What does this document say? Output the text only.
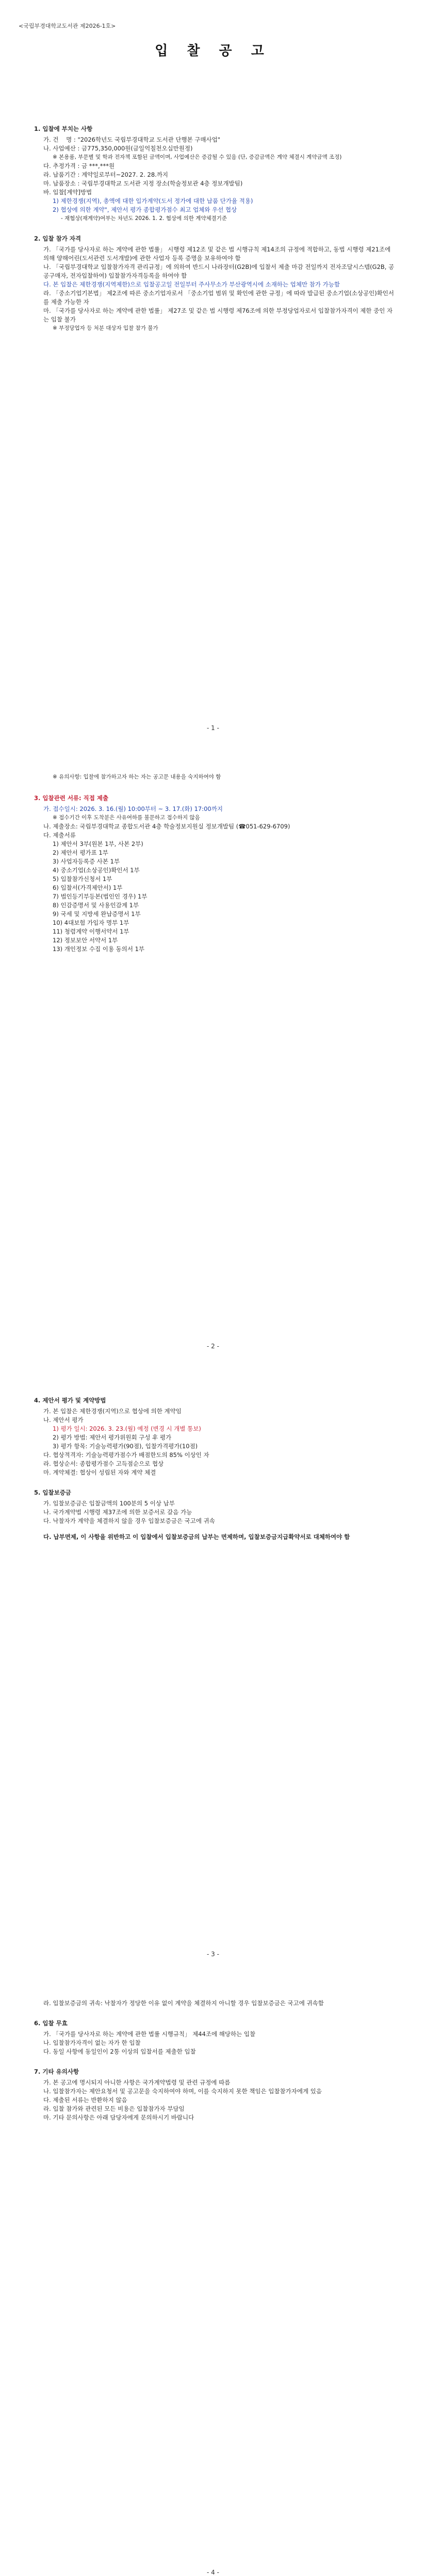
<국립부경대학교도서관 제2026-1호>
입 찰 공 고
1. 입찰에 부치는 사항
가. 건    명 : "2026학년도 국립부경대학교 도서관 단행본 구매사업"
나. 사업예산 : 금775,350,000원(금일억칠천오십만원정)
※ 본용품, 부문별 및 학과 전자책 포함된 금액이며, 사업예산은 증감될 수 있음 (단, 증감금액은 계약 체결시 계약금액 조정)
다. 추정가격 : 금 ***,***원
라. 납품기간 : 계약일로부터~2027. 2. 28.까지
마. 납품장소 : 국립부경대학교 도서관 지정 장소(학술정보관 4층 정보개발팀)
바. 입찰[계약]방법
1) 제한경쟁(지역), 총액에 대한 입가계약(도서 정가에 대한 납품 단가율 적용)
2) 협상에 의한 계약", 제안서 평가 종합평가점수 최고 업체와 우선 협상
- 재협상(재계약)여부는 차년도 2026. 1. 2. 협상에 의한 계약체결기준
2. 입찰 참가 자격
가. 「국가를 당사자로 하는 계약에 관한 법률」 시행령 제12조 및 같은 법 시행규칙 제14조의 규정에 적합하고, 동법 시행령 제21조에 의해 양해어린(도서관련 도서개발)에 관한 사업자 등록 증명을 보유하여야 함
나. 「국립부경대학교 입찰참가자격 관리규정」에 의하여 반드시 나라장터(G2B)에 입찰서 제출 마감 전일까지 전자조달시스템(G2B, 공공구매자, 전자입찰하여) 입찰참가자격등록을 하여야 함
다. 본 입찰은 제한경쟁(지역제한)으로 입찰공고일 전일부터 주사무소가 부산광역시에 소재하는 업체만 참가 가능함
라. 「중소기업기본법」 제2조에 따른 중소기업자로서 「중소기업 범위 및 확인에 관한 규정」에 따라 발급된 중소기업(소상공인)확인서를 제출 가능한 자
마. 「국가를 당사자로 하는 계약에 관한 법률」 제27조 및 같은 법 시행령 제76조에 의한 부정당업자로서 입찰참가자격이 제한 중인 자는 입찰 불가
※ 부정당업자 등 처분 대상자 입찰 참가 불가
- 1 -
※ 유의사항: 입찰에 참가하고자 하는 자는 공고문 내용을 숙지하여야 함
3. 입찰관련 서류: 직접 제출
가. 접수일시: 2026. 3. 16.(월) 10:00부터 ~ 3. 17.(화) 17:00까지
※ 접수기간 이후 도착분은 사유여하를 불문하고 접수하지 않음
나. 제출장소: 국립부경대학교 종합도서관 4층 학술정보지원실 정보개발팀 (☎051-629-6709)
다. 제출서류
1) 제안서 3부(원본 1부, 사본 2부)
2) 제안서 평가표 1부
3) 사업자등록증 사본 1부
4) 중소기업(소상공인)확인서 1부
5) 입찰참가신청서 1부
6) 입찰서(가격제안서) 1부
7) 법인등기부등본(법인인 경우) 1부
8) 인감증명서 및 사용인감계 1부
9) 국세 및 지방세 완납증명서 1부
10) 4대보험 가입자 명부 1부
11) 청렴계약 이행서약서 1부
12) 정보보안 서약서 1부
13) 개인정보 수집 이용 동의서 1부
- 2 -
4. 제안서 평가 및 계약방법
가. 본 입찰은 제한경쟁(지역)으로 협상에 의한 계약임
나. 제안서 평가
1) 평가 일시: 2026. 3. 23.(월) 예정 (변경 시 개별 통보)
2) 평가 방법: 제안서 평가위원회 구성 후 평가
3) 평가 항목: 기술능력평가(90점), 입찰가격평가(10점)
다. 협상적격자: 기술능력평가점수가 배점한도의 85% 이상인 자
라. 협상순서: 종합평가점수 고득점순으로 협상
마. 계약체결: 협상이 성립된 자와 계약 체결
5. 입찰보증금
가. 입찰보증금은 입찰금액의 100분의 5 이상 납부
나. 국가계약법 시행령 제37조에 의한 보증서로 갈음 가능
다. 낙찰자가 계약을 체결하지 않을 경우 입찰보증금은 국고에 귀속
다. 납부면제, 이 사항을 위반하고 이 입찰에서 입찰보증금의 납부는 면제하며, 입찰보증금지급확약서로 대체하여야 함
- 3 -
라. 입찰보증금의 귀속: 낙찰자가 정당한 이유 없이 계약을 체결하지 아니할 경우 입찰보증금은 국고에 귀속함
6. 입찰 무효
가. 「국가를 당사자로 하는 계약에 관한 법률 시행규칙」 제44조에 해당하는 입찰
나. 입찰참가자격이 없는 자가 한 입찰
다. 동일 사항에 동일인이 2통 이상의 입찰서를 제출한 입찰
7. 기타 유의사항
가. 본 공고에 명시되지 아니한 사항은 국가계약법령 및 관련 규정에 따름
나. 입찰참가자는 제안요청서 및 공고문을 숙지하여야 하며, 이를 숙지하지 못한 책임은 입찰참가자에게 있음
다. 제출된 서류는 반환하지 않음
라. 입찰 참가와 관련된 모든 비용은 입찰참가자 부담임
마. 기타 문의사항은 아래 담당자에게 문의하시기 바랍니다
- 4 -
